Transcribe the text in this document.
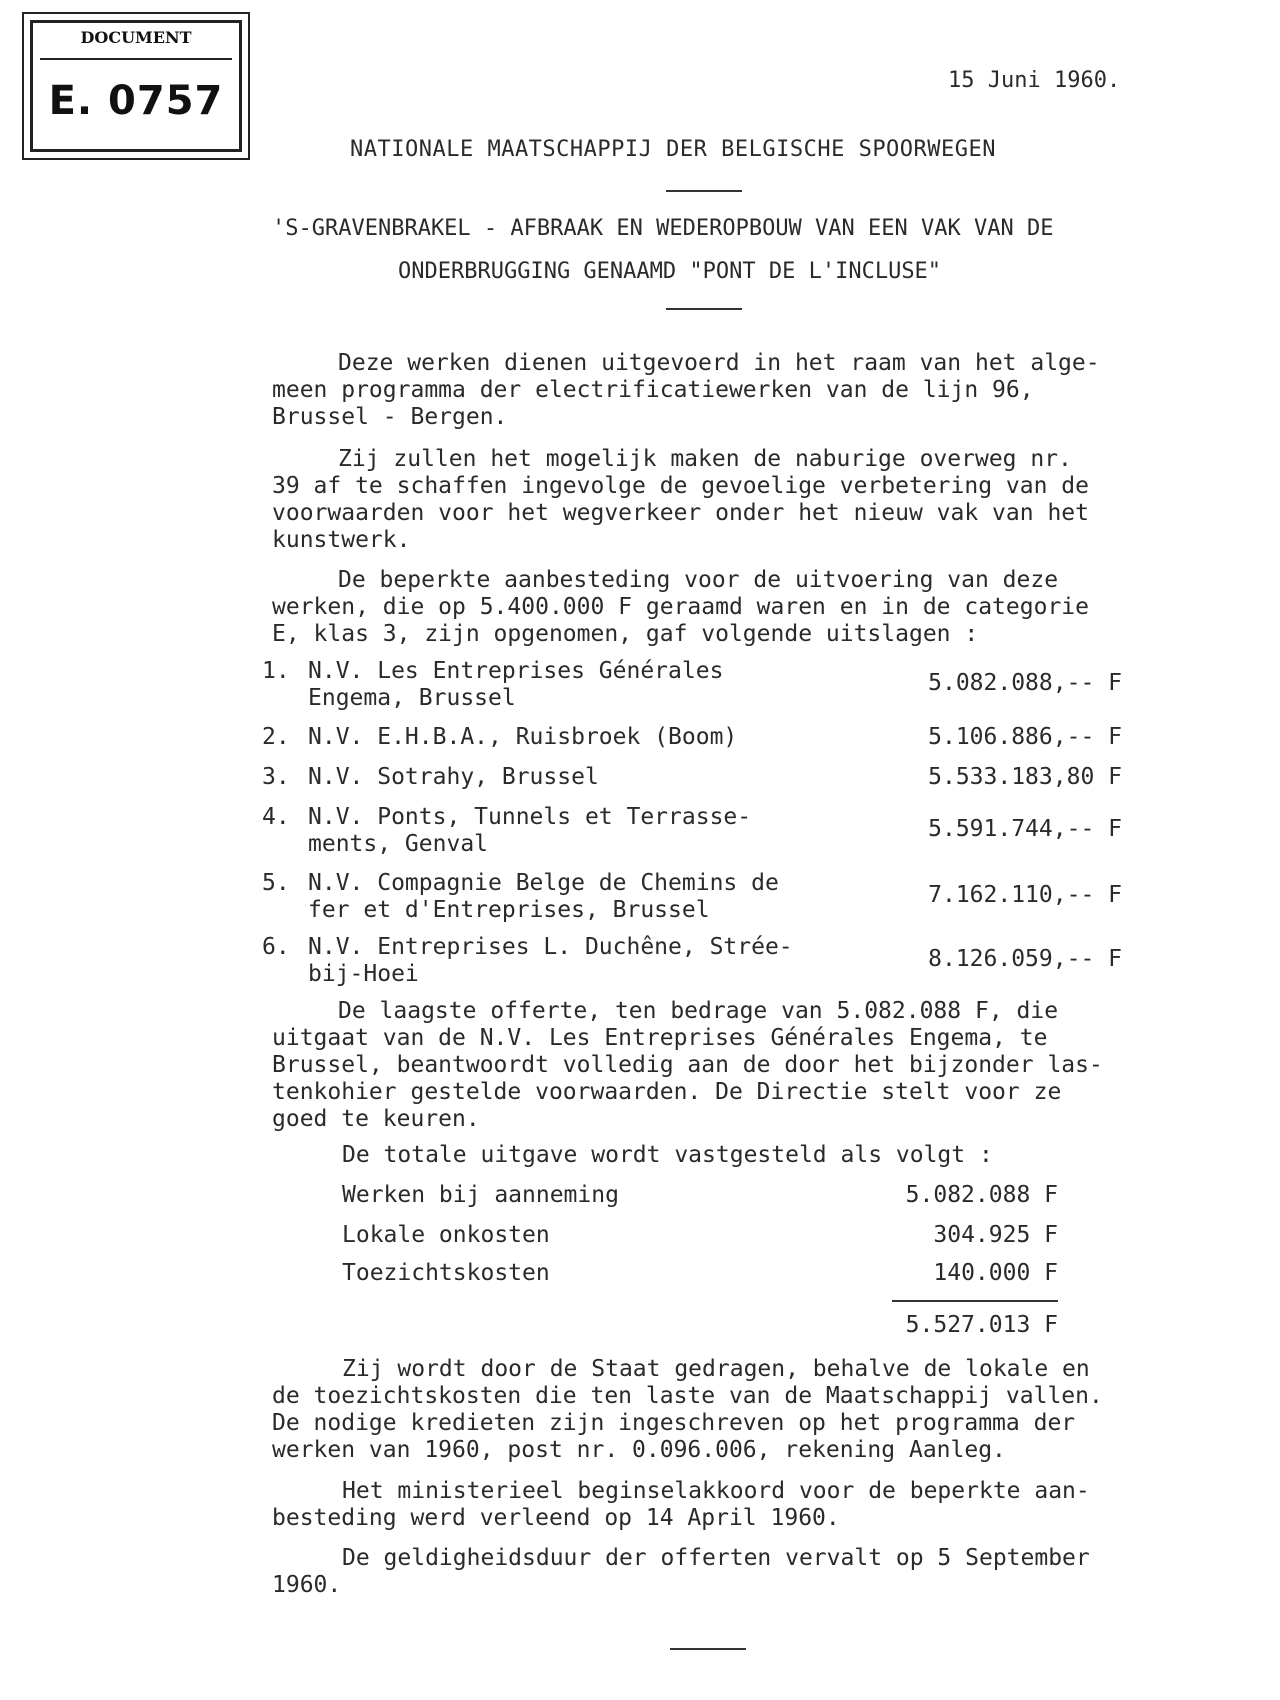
DOCUMENT
E. 0757	15 Juni 1960.
NATIONALE MAATSCHAPPIJ DER BELGISCHE SPOORWEGEN
'S-GRAVENBRAKEL - AFBRAAK EN WEDEROPBOUW VAN EEN VAK VAN DE
ONDERBRUGGING GENAAMD "PONT DE L'INCLUSE"
Deze werken dienen uitgevoerd in het raam van het alge-
meen programma der electrificatiewerken van de lijn 96,
Brussel - Bergen.
Zij zullen het mogelijk maken de naburige overweg nr.
39 af te schaffen ingevolge de gevoelige verbetering van de
voorwaarden voor het wegverkeer onder het nieuw vak van het
kunstwerk.
De beperkte aanbesteding voor de uitvoering van deze
werken, die op 5.400.000 F geraamd waren en in de categorie
E, klas 3, zijn opgenomen, gaf volgende uitslagen :
1. N.V. Les Entreprises Générales
Engema, Brussel
5.082.088,-- F
2. N.V. E.H.B.A., Ruisbroek (Boom)	5.106.886,-- F
3. N.V. Sotrahy, Brussel	5.533.183,80 F
4. N.V. Ponts, Tunnels et Terrasse-
ments, Genval
5.591.744,-- F
5. N.V. Compagnie Belge de Chemins de
fer et d'Entreprises, Brussel
7.162.110,-- F
6. N.V. Entreprises L. Duchêne, Strée-
bij-Hoei
8.126.059,-- F
De laagste offerte, ten bedrage van 5.082.088 F, die
uitgaat van de N.V. Les Entreprises Générales Engema, te
Brussel, beantwoordt volledig aan de door het bijzonder las-
tenkohier gestelde voorwaarden. De Directie stelt voor ze
goed te keuren.
De totale uitgave wordt vastgesteld als volgt :
Werken bij aanneming	5.082.088 F
Lokale onkosten	304.925 F
Toezichtskosten	140.000 F
5.527.013 F
Zij wordt door de Staat gedragen, behalve de lokale en
de toezichtskosten die ten laste van de Maatschappij vallen.
De nodige kredieten zijn ingeschreven op het programma der
werken van 1960, post nr. 0.096.006, rekening Aanleg.
Het ministerieel beginselakkoord voor de beperkte aan-
besteding werd verleend op 14 April 1960.
De geldigheidsduur der offerten vervalt op 5 September
1960.
